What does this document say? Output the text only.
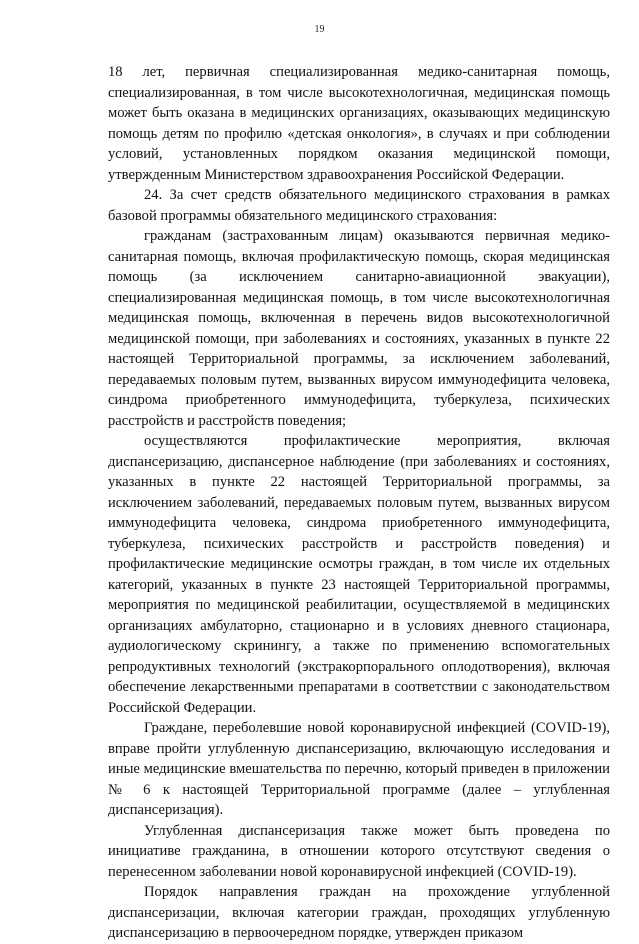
19

18 лет, первичная специализированная медико-санитарная помощь, специализированная, в том числе высокотехнологичная, медицинская помощь может быть оказана в медицинских организациях, оказывающих медицинскую помощь детям по профилю «детская онкология», в случаях и при соблюдении условий, установленных порядком оказания медицинской помощи, утвержденным Министерством здравоохранения Российской Федерации.

24. За счет средств обязательного медицинского страхования в рамках базовой программы обязательного медицинского страхования:

гражданам (застрахованным лицам) оказываются первичная медико-санитарная помощь, включая профилактическую помощь, скорая медицинская помощь (за исключением санитарно-авиационной эвакуации), специализированная медицинская помощь, в том числе высокотехнологичная медицинская помощь, включенная в перечень видов высокотехнологичной медицинской помощи, при заболеваниях и состояниях, указанных в пункте 22 настоящей Территориальной программы, за исключением заболеваний, передаваемых половым путем, вызванных вирусом иммунодефицита человека, синдрома приобретенного иммунодефицита, туберкулеза, психических расстройств и расстройств поведения;

осуществляются профилактические мероприятия, включая диспансеризацию, диспансерное наблюдение (при заболеваниях и состояниях, указанных в пункте 22 настоящей Территориальной программы, за исключением заболеваний, передаваемых половым путем, вызванных вирусом иммунодефицита человека, синдрома приобретенного иммунодефицита, туберкулеза, психических расстройств и расстройств поведения) и профилактические медицинские осмотры граждан, в том числе их отдельных категорий, указанных в пункте 23 настоящей Территориальной программы, мероприятия по медицинской реабилитации, осуществляемой в медицинских организациях амбулаторно, стационарно и в условиях дневного стационара, аудиологическому скринингу, а также по применению вспомогательных репродуктивных технологий (экстракорпорального оплодотворения), включая обеспечение лекарственными препаратами в соответствии с законодательством Российской Федерации.

Граждане, переболевшие новой коронавирусной инфекцией (COVID-19), вправе пройти углубленную диспансеризацию, включающую исследования и иные медицинские вмешательства по перечню, который приведен в приложении № 6 к настоящей Территориальной программе (далее – углубленная диспансеризация).

Углубленная диспансеризация также может быть проведена по инициативе гражданина, в отношении которого отсутствуют сведения о перенесенном заболевании новой коронавирусной инфекцией (COVID-19).

Порядок направления граждан на прохождение углубленной диспансеризации, включая категории граждан, проходящих углубленную диспансеризацию в первоочередном порядке, утвержден приказом
